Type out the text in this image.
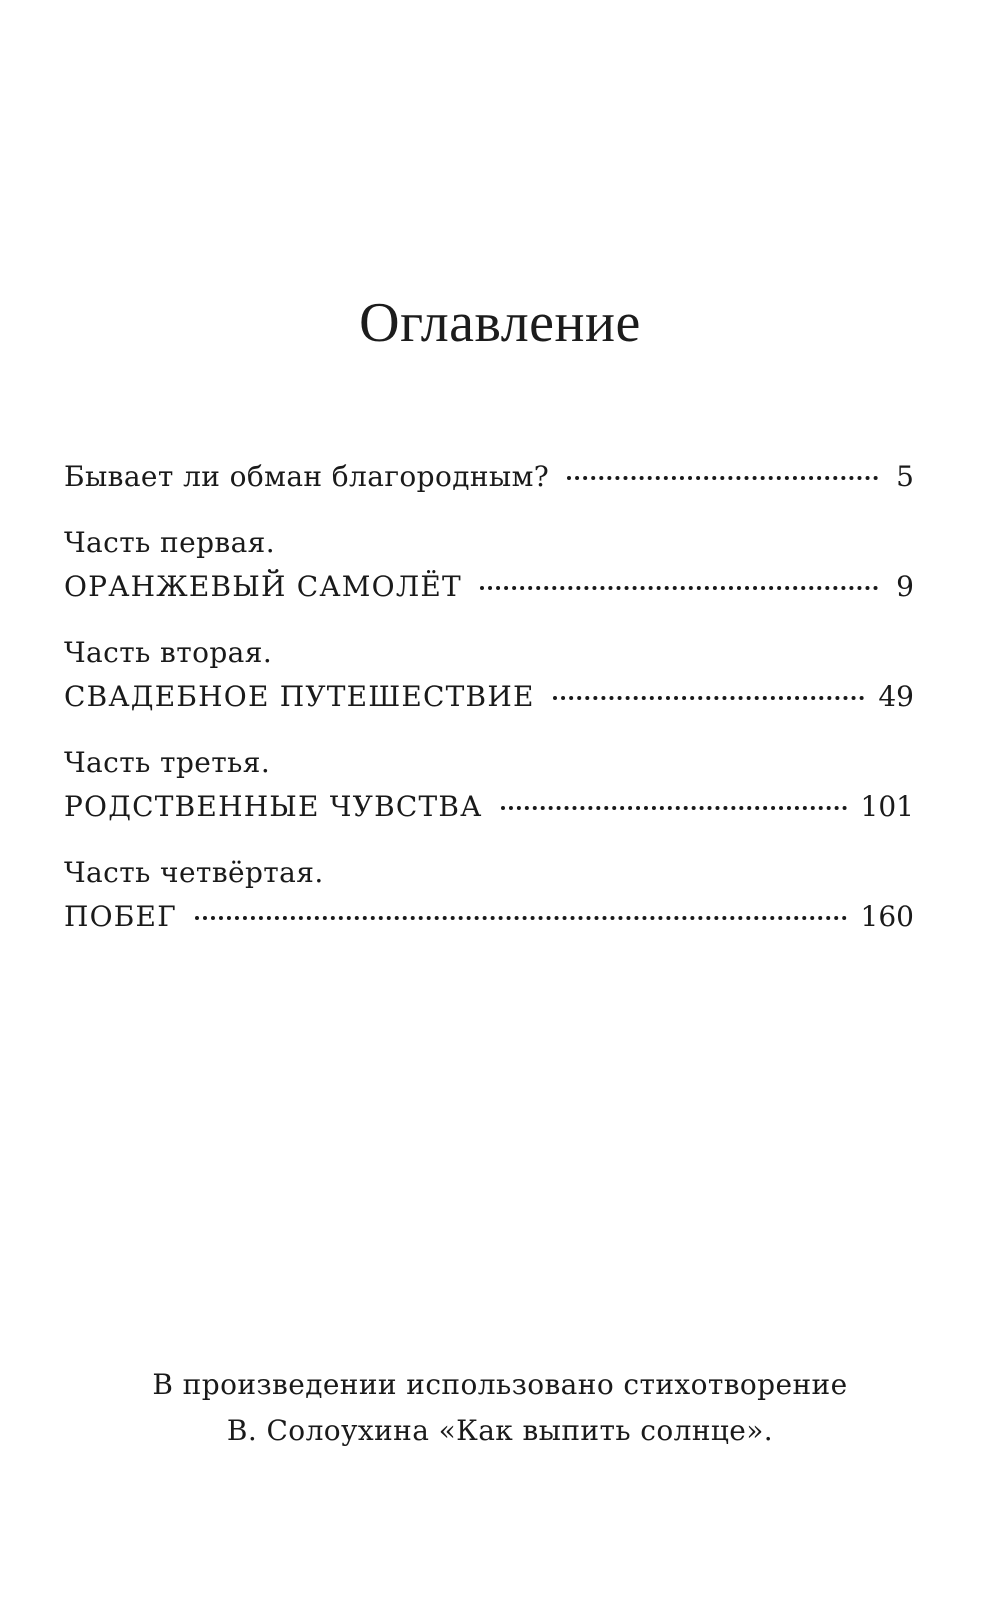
Оглавление
Бывает ли обман благородным?	5
Часть первая.
ОРАНЖЕВЫЙ САМОЛЁТ	9
Часть вторая.
СВАДЕБНОЕ ПУТЕШЕСТВИЕ	49
Часть третья.
РОДСТВЕННЫЕ ЧУВСТВА	101
Часть четвёртая.
ПОБЕГ	160
В произведении использовано стихотворение
В. Солоухина «Как выпить солнце».
